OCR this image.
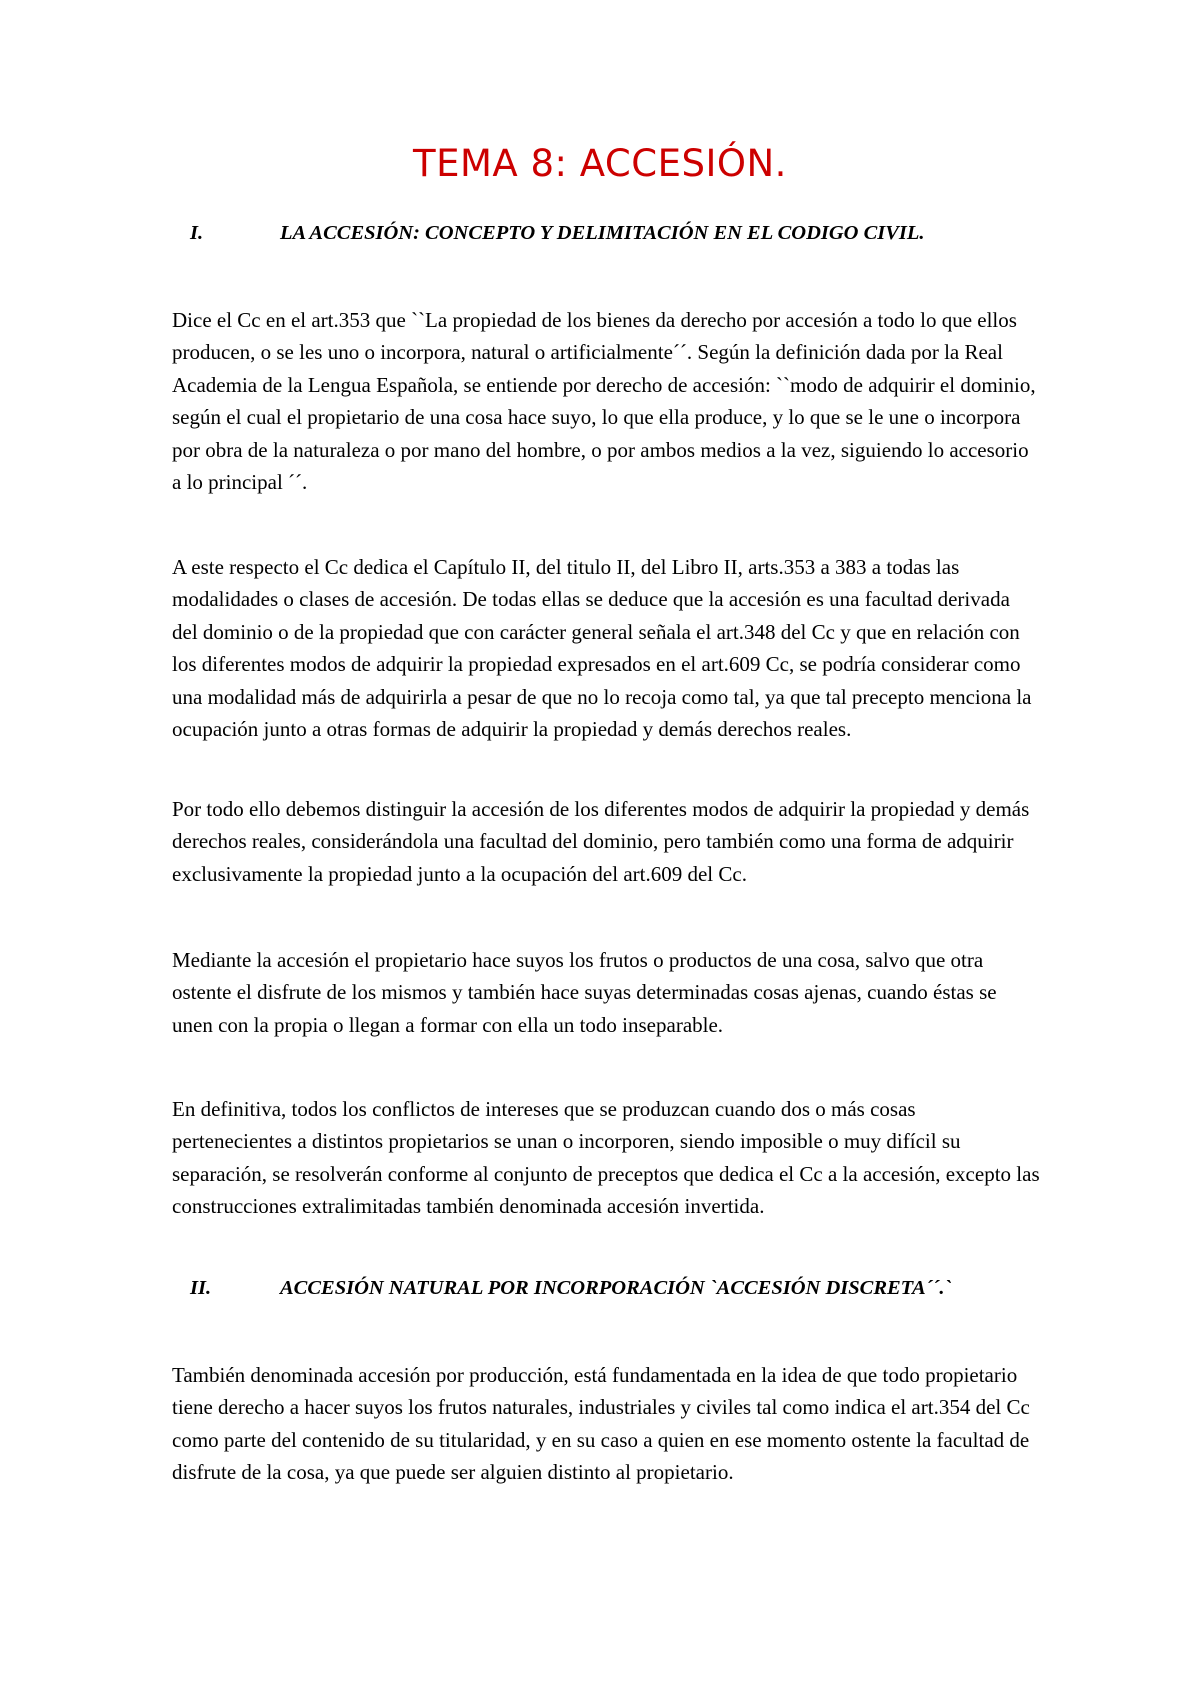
TEMA 8: ACCESIÓN.
I.	LA ACCESIÓN: CONCEPTO Y DELIMITACIÓN EN EL CODIGO CIVIL.

Dice el Cc en el art.353 que ``La propiedad de los bienes da derecho por accesión a todo lo que ellos producen, o se les uno o incorpora, natural o artificialmente´´. Según la definición dada por la Real Academia de la Lengua Española, se entiende por derecho de accesión: ``modo de adquirir el dominio, según el cual el propietario de una cosa hace suyo, lo que ella produce, y lo que se le une o incorpora por obra de la naturaleza o por mano del hombre, o por ambos medios a la vez, siguiendo lo accesorio a lo principal ´´.

A este respecto el Cc dedica el Capítulo II, del titulo II, del Libro II, arts.353 a 383 a todas las modalidades o clases de accesión. De todas ellas se deduce que la accesión es una facultad derivada del dominio o de la propiedad que con carácter general señala el art.348 del Cc y que en relación con los diferentes modos de adquirir la propiedad expresados en el art.609 Cc, se podría considerar como una modalidad más de adquirirla a pesar de que no lo recoja como tal, ya que tal precepto menciona la ocupación junto a otras formas de adquirir la propiedad y demás derechos reales.

Por todo ello debemos distinguir la accesión de los diferentes modos de adquirir la propiedad y demás derechos reales, considerándola una facultad del dominio, pero también como una forma de adquirir exclusivamente la propiedad junto a la ocupación del art.609 del Cc.

Mediante la accesión el propietario hace suyos los frutos o productos de una cosa, salvo que otra ostente el disfrute de los mismos y también hace suyas determinadas cosas ajenas, cuando éstas se unen con la propia o llegan a formar con ella un todo inseparable.

En definitiva, todos los conflictos de intereses que se produzcan cuando dos o más cosas pertenecientes a distintos propietarios se unan o incorporen, siendo imposible o muy difícil su separación, se resolverán conforme al conjunto de preceptos que dedica el Cc a la accesión, excepto las construcciones extralimitadas también denominada accesión invertida.

II.	ACCESIÓN NATURAL POR INCORPORACIÓN `ACCESIÓN DISCRETA´´.`

También denominada accesión por producción, está fundamentada en la idea de que todo propietario tiene derecho a hacer suyos los frutos naturales, industriales y civiles tal como indica el art.354 del Cc como parte del contenido de su titularidad, y en su caso a quien en ese momento ostente la facultad de disfrute de la cosa, ya que puede ser alguien distinto al propietario.
